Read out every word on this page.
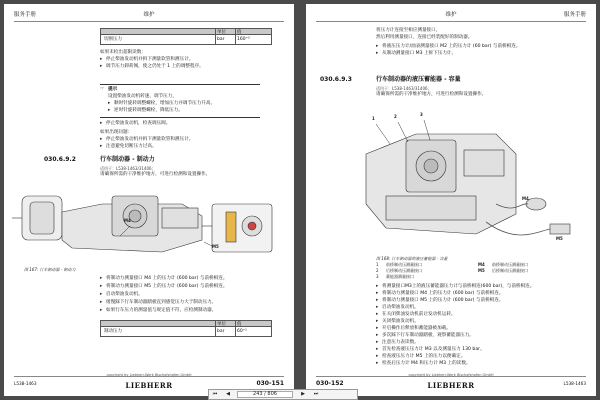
服务手册	维护
单位 值
切断压力	bar	160⁺²
如果未检出超限读数：
▸ 停止柴油发动机并拆下测量软管和测压计。
▸ 调节压力卸荷阀，使之仍处于 1 上的调整程序。
☞ 提示
设置柴油发动机转速，调节压力，
▸ 顺时针旋转调整螺栓，增加压力并调节压力升高。
▸ 逆时针旋转调整螺栓，降低压力。
▸ 停止柴油发动机，检查调压阀。
如果出现问题：
▸ 停止柴油发动机并拆下测量软管和测压计。
▸ 注意避免切断压力过高。
030.6.9.2	行车制动器 - 制动力
适用于：L538-1463/31406；
请确保所需的干净维护地方，可进行检测和设置操作。
M4
M5
图 167: 行车制动器 - 制动力
▸ 将制动力测量接口 M4 上的压力计 (600 bar) 与前桥相连。
▸ 将制动力测量接口 M5 上的压力计 (600 bar) 与前桥相连。
▸ 启动柴油发动机。
▸ 缓慢踩下行车制动器踏板直到感觉压力大于制动压力。
▸ 如果行车压力的测量值与规定值不符，应检测制动器。
单位 值
制动压力	bar	60⁺¹
L538-1463
copyright by Liebherr-Werk Bischofshofen GmbH
LIEBHERR	030-151
维护	服务手册
将压力计连接至相应测量接口，
然后利用测量接口，连接已经装配好的制动器。
▸ 将液压压力计/油表测量接口 M2 上的压力计 (60 bar) 与前桥相连。
▸ 从制动测量接口 M3 上拆下压力计。
030.6.9.3	行车制动器的液压蓄能器 - 容量
适用于：L538-1463/31406；
请确保所需的干净维护地方，可进行检测和设置操作。
1	2	3
M4
M5
图 168: 行车制动器的液压蓄能器 - 容量
1 前桥制动压测量接口	M4 前桥制动压测量接口
2 后桥制动压测量接口	M5 后桥制动压测量接口
3 蓄能器测量接口
▸ 将测量接口M3上的液压蓄能器压力计与前桥相连(600 bar)，与前桥相连。
▸ 将制动力测量接口 M4 上的压力计 (600 bar) 与前桥相连。
▸ 将制动力测量接口 M5 上的压力计 (600 bar) 与前桥相连。
▸ 启动柴油发动机。
▸ 在关闭柴油发动机前让发动机运转。
▸ 关闭柴油发动机。
▸ 开启操作后释放和蓄能器被加载。
▸ 多次踩下行车制动器踏板，观察蓄能器压力。
▸ 注意压力表读数。
▸ 首先检查液压压力计 M3 以及测量压力 130 bar。
▸ 检查液压压力计 M5 上的压力以便确定。
▸ 检查后压力计 M4 和压力计 M3 上的读数。
030-152
copyright by Liebherr-Werk Bischofshofen GmbH
LIEBHERR	L538-1463
⏮	◀	243 / 806	▶	⏭
